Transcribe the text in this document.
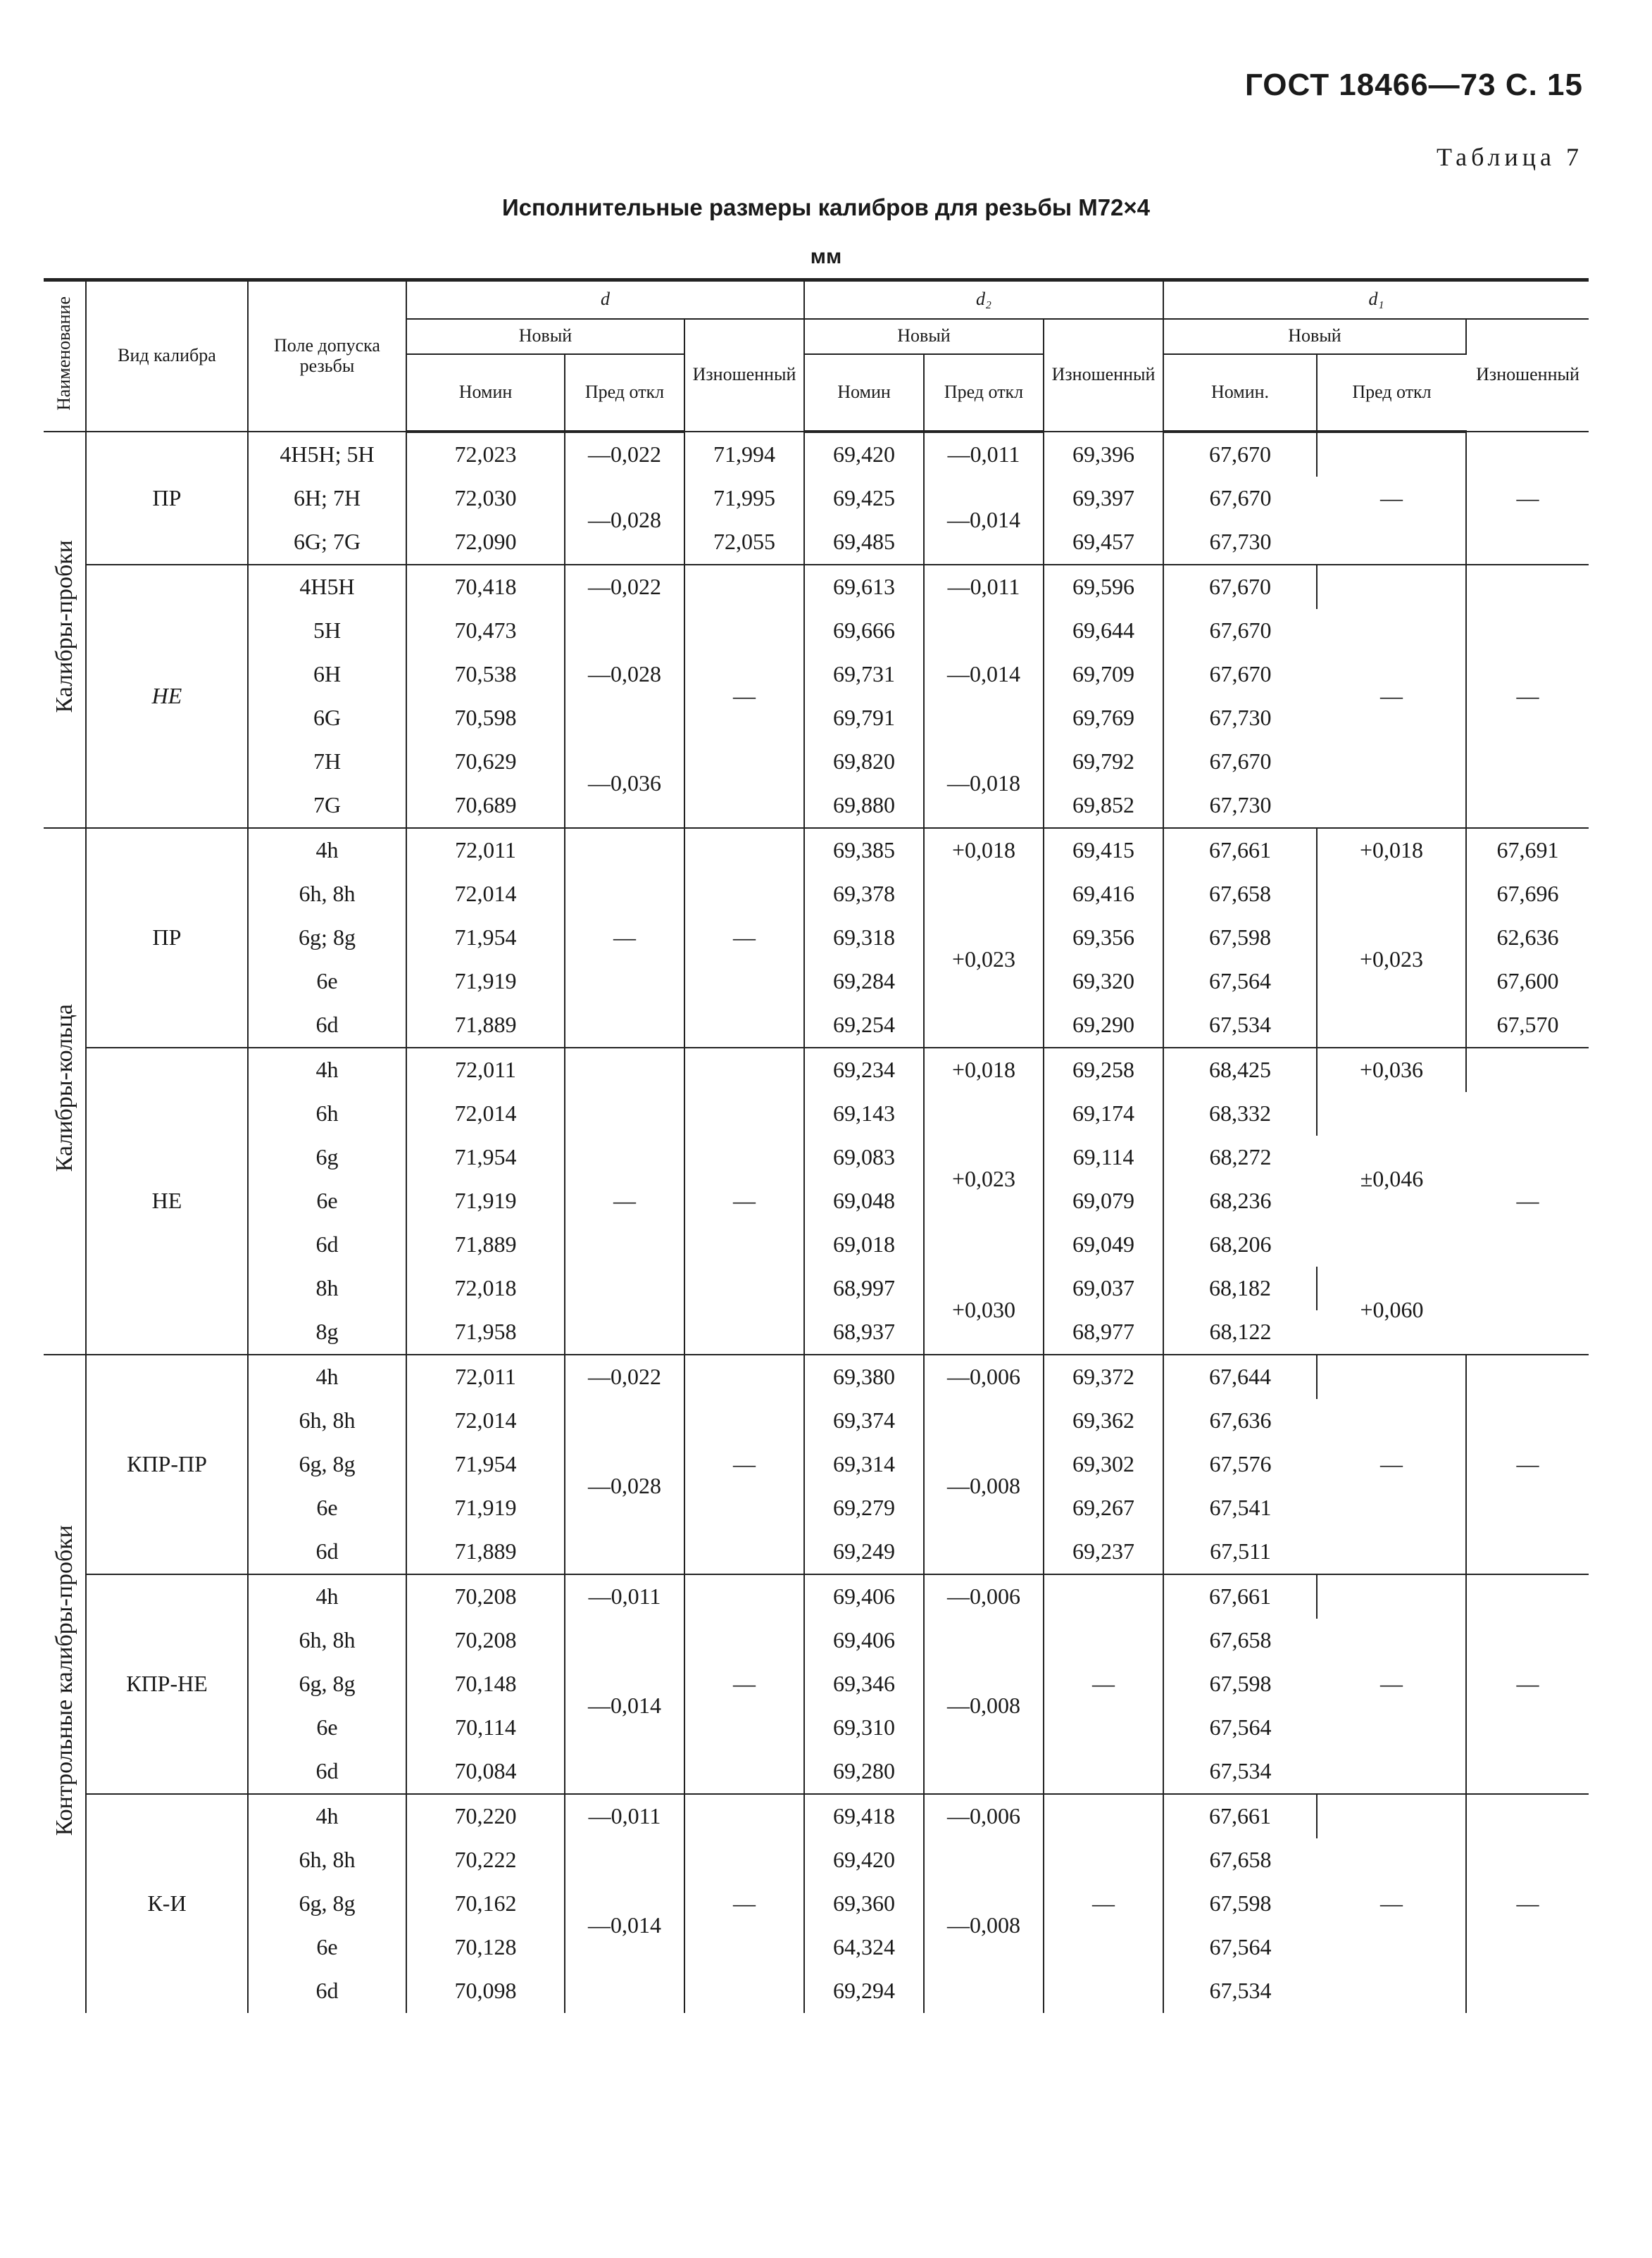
ГОСТ 18466—73 С. 15
Таблица 7
Исполнительные размеры калибров для резьбы М72×4
мм
Наименование	Вид калибра	Поле допуска резьбы	d			d₂			d₁		
			Новый		Изношенный	Новый		Изношенный	Новый		Изношенный
			Номин	Пред откл		Номин	Пред откл		Номин.	Пред откл	
Калибры-пробки	ПР	4H5H; 5H	72,023	—0,022	71,994	69,420	—0,011	69,396	67,670	—	—
		6H; 7H	72,030	—0,028	71,995	69,425	—0,014	69,397	67,670		
		6G; 7G	72,090		72,055	69,485		69,457	67,730		
	НЕ	4H5H	70,418	—0,022	—	69,613	—0,011	69,596	67,670	—	—
		5H	70,473	—0,028		69,666	—0,014	69,644	67,670		
		6H	70,538			69,731		69,709	67,670		
		6G	70,598			69,791		69,769	67,730		
		7H	70,629	—0,036		69,820	—0,018	69,792	67,670		
		7G	70,689			69,880		69,852	67,730		
Калибры-кольца	ПР	4h	72,011	—	—	69,385	+0,018	69,415	67,661	+0,018	67,691
		6h, 8h	72,014			69,378	+0,023	69,416	67,658	+0,023	67,696
		6g; 8g	71,954			69,318		69,356	67,598		62,636
		6e	71,919			69,284		69,320	67,564		67,600
		6d	71,889			69,254		69,290	67,534		67,570
	НЕ	4h	72,011	—	—	69,234	+0,018	69,258	68,425	+0,036	—
		6h	72,014			69,143	+0,023	69,174	68,332	±0,046	
		6g	71,954			69,083		69,114	68,272		
		6e	71,919			69,048		69,079	68,236		
		6d	71,889			69,018		69,049	68,206		
		8h	72,018			68,997	+0,030	69,037	68,182	+0,060	
		8g	71,958			68,937		68,977	68,122		
Контрольные калибры-пробки	КПР-ПР	4h	72,011	—0,022	—	69,380	—0,006	69,372	67,644	—	—
		6h, 8h	72,014	—0,028		69,374	—0,008	69,362	67,636		
		6g, 8g	71,954			69,314		69,302	67,576		
		6e	71,919			69,279		69,267	67,541		
		6d	71,889			69,249		69,237	67,511		
	КПР-НЕ	4h	70,208	—0,011	—	69,406	—0,006	—	67,661	—	—
		6h, 8h	70,208	—0,014		69,406	—0,008		67,658		
		6g, 8g	70,148			69,346			67,598		
		6e	70,114			69,310			67,564		
		6d	70,084			69,280			67,534		
	К-И	4h	70,220	—0,011	—	69,418	—0,006	—	67,661	—	—
		6h, 8h	70,222	—0,014		69,420	—0,008		67,658		
		6g, 8g	70,162			69,360			67,598		
		6e	70,128			64,324			67,564		
		6d	70,098			69,294			67,534		
